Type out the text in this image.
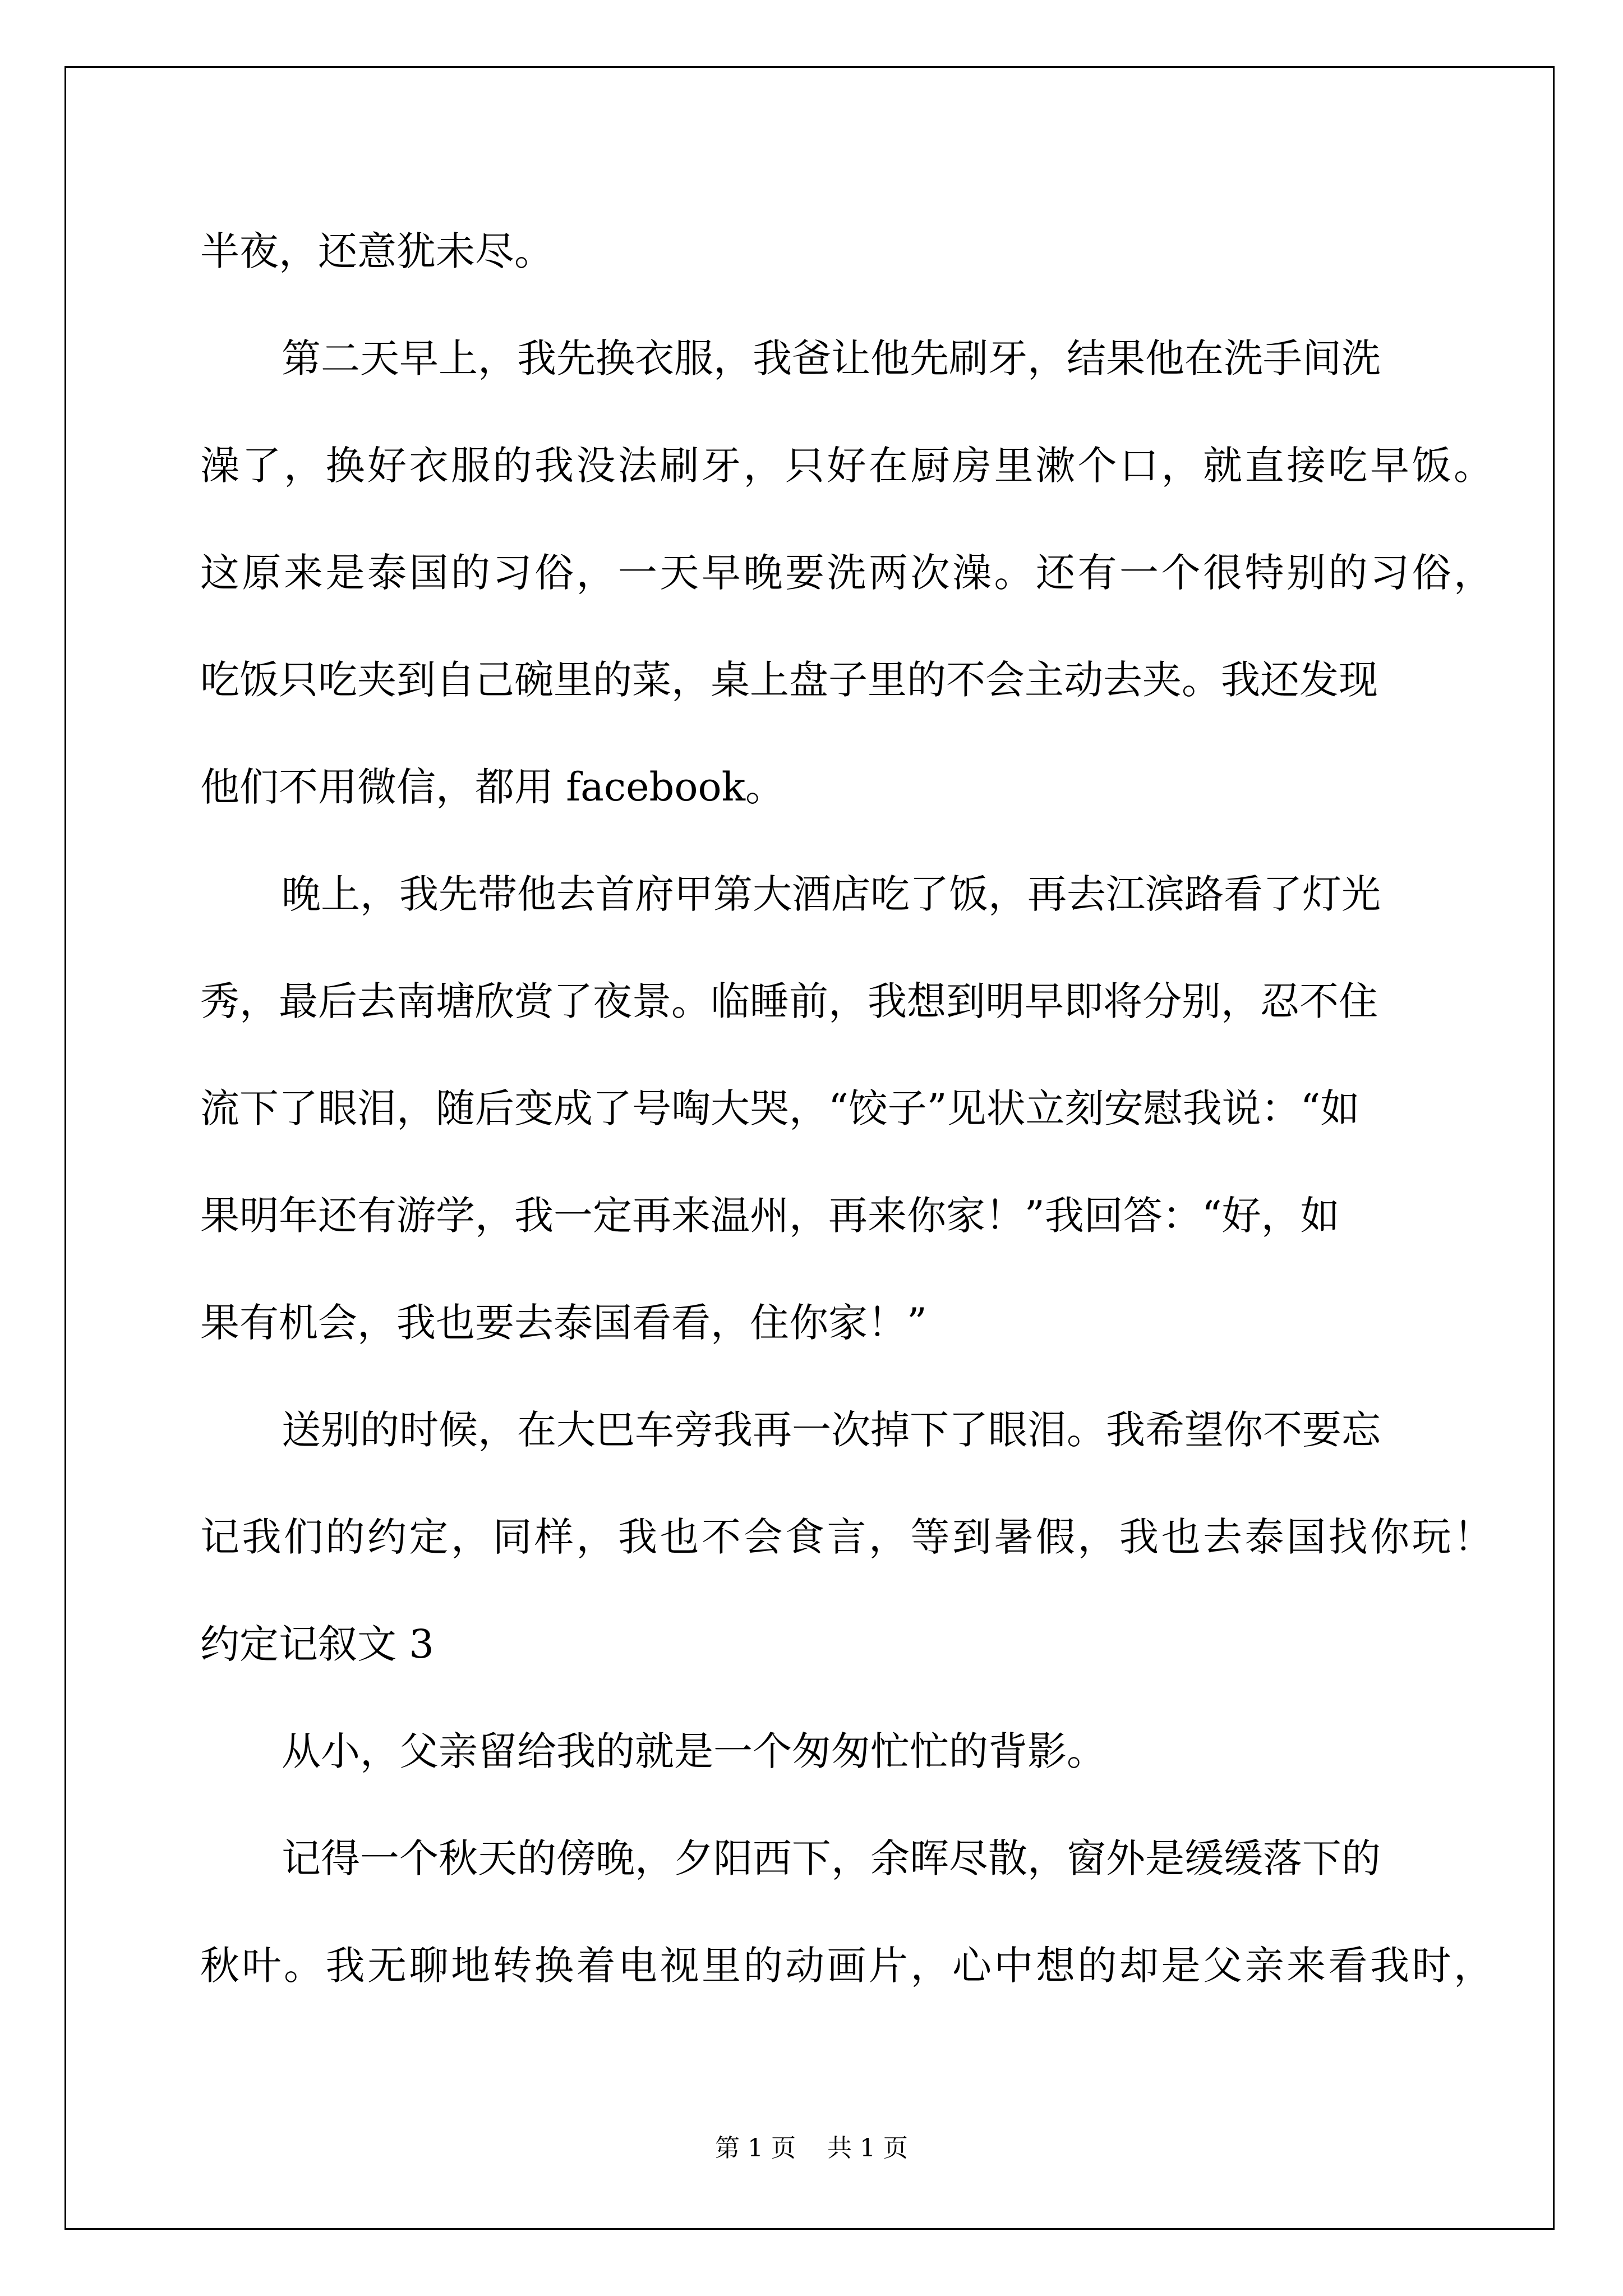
半夜，还意犹未尽。
第二天早上，我先换衣服，我爸让他先刷牙，结果他在洗手间洗
澡了，换好衣服的我没法刷牙，只好在厨房里漱个口，就直接吃早饭。
这原来是泰国的习俗，一天早晚要洗两次澡。还有一个很特别的习俗，
吃饭只吃夹到自己碗里的菜，桌上盘子里的不会主动去夹。我还发现
他们不用微信，都用 facebook。
晚上，我先带他去首府甲第大酒店吃了饭，再去江滨路看了灯光
秀，最后去南塘欣赏了夜景。临睡前，我想到明早即将分别，忍不住
流下了眼泪，随后变成了号啕大哭，“饺子”见状立刻安慰我说：“如
果明年还有游学，我一定再来温州，再来你家！”我回答：“好，如
果有机会，我也要去泰国看看，住你家！”
送别的时候，在大巴车旁我再一次掉下了眼泪。我希望你不要忘
记我们的约定，同样，我也不会食言，等到暑假，我也去泰国找你玩！
约定记叙文 3
从小，父亲留给我的就是一个匆匆忙忙的背影。
记得一个秋天的傍晚，夕阳西下，余晖尽散，窗外是缓缓落下的
秋叶。我无聊地转换着电视里的动画片，心中想的却是父亲来看我时，
第 1 页    共 1 页
